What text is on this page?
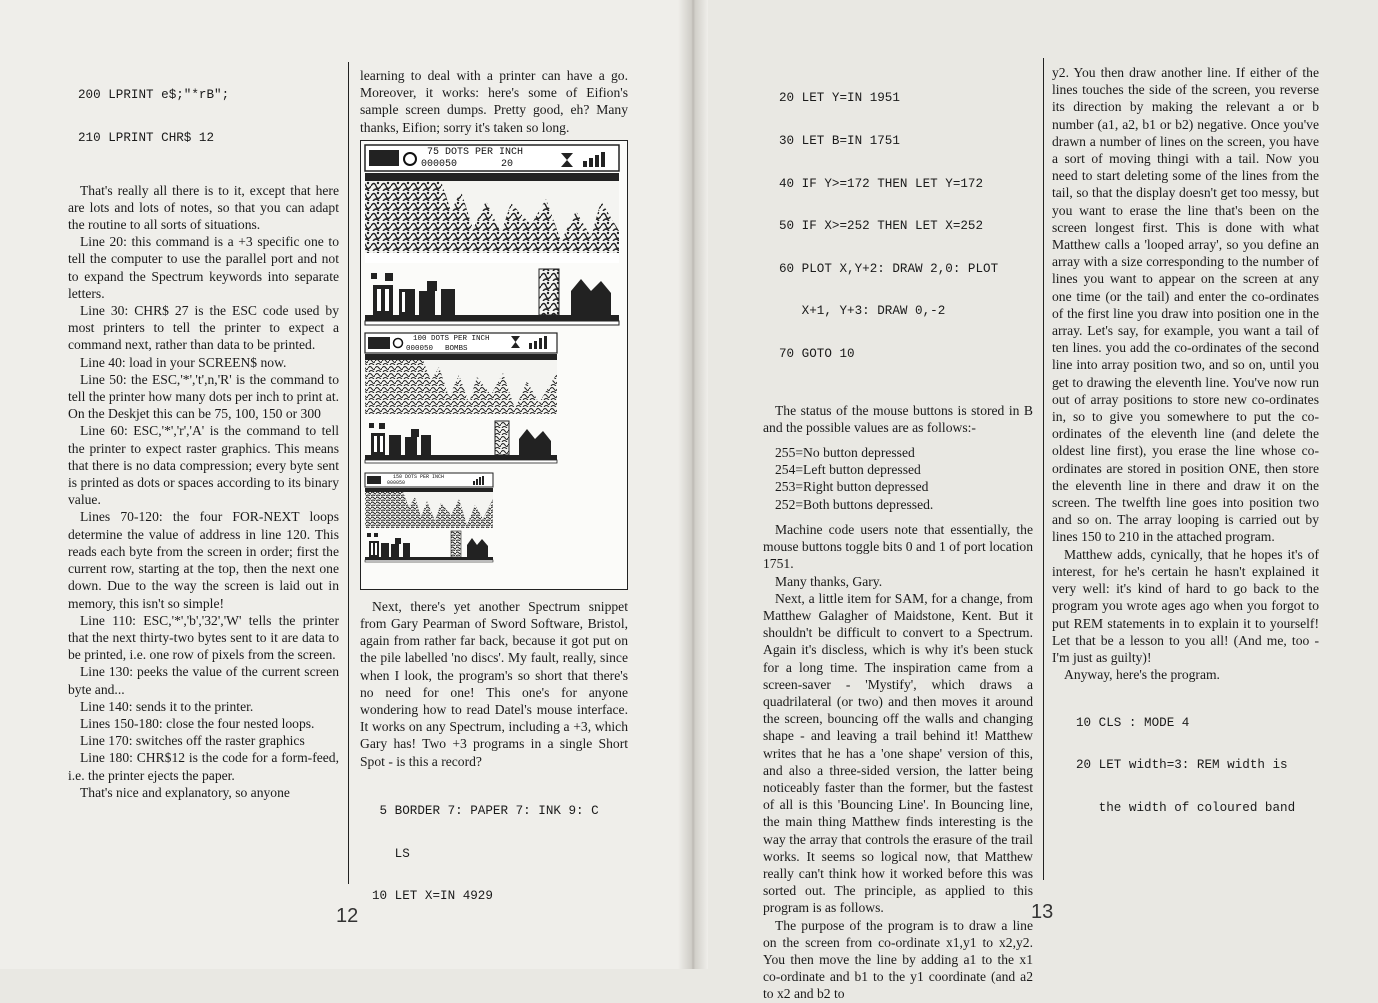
200 LPRINT e$;"*rB";

210 LPRINT CHR$ 12

That's really all there is to it, except that here are lots and lots of notes, so that you can adapt the routine to all sorts of situations.

Line 20: this command is a +3 specific one to tell the computer to use the parallel port and not to expand the Spectrum keywords into separate letters.

Line 30: CHR$ 27 is the ESC code used by most printers to tell the printer to expect a command next, rather than data to be printed.

Line 40: load in your SCREEN$ now.

Line 50: the ESC,'*','t',n,'R' is the command to tell the printer how many dots per inch to print at. On the Deskjet this can be 75, 100, 150 or 300

Line 60: ESC,'*','r','A' is the command to tell the printer to expect raster graphics. This means that there is no data compression; every byte sent is printed as dots or spaces according to its binary value.

Lines 70-120: the four FOR-NEXT loops determine the value of address in line 120. This reads each byte from the screen in order; first the current row, starting at the top, then the next one down. Due to the way the screen is laid out in memory, this isn't so simple!

Line 110: ESC,'*','b','32','W' tells the printer that the next thirty-two bytes sent to it are data to be printed, i.e. one row of pixels from the screen.

Line 130: peeks the value of the current screen byte and...

Line 140: sends it to the printer.

Lines 150-180: close the four nested loops.

Line 170: switches off the raster graphics

Line 180: CHR$12 is the code for a form-feed, i.e. the printer ejects the paper.

That's nice and explanatory, so anyone

learning to deal with a printer can have a go. Moreover, it works: here's some of Eifion's sample screen dumps. Pretty good, eh? Many thanks, Eifion; sorry it's taken so long.

75 DOTS PER INCH
000050	20
100 DOTS PER INCH
000050 BOMBS
150 DOTS PER INCH
000050

Next, there's yet another Spectrum snippet from Gary Pearman of Sword Software, Bristol, again from rather far back, because it got put on the pile labelled 'no discs'. My fault, really, since when I look, the program's so short that there's no need for one! This one's for anyone wondering how to read Datel's mouse interface. It works on any Spectrum, including a +3, which Gary has! Two +3 programs in a single Short Spot - is this a record?

5 BORDER 7: PAPER 7: INK 9: C

LS

10 LET X=IN 4929

12

20 LET Y=IN 1951

30 LET B=IN 1751

40 IF Y>=172 THEN LET Y=172

50 IF X>=252 THEN LET X=252

60 PLOT X,Y+2: DRAW 2,0: PLOT

X+1, Y+3: DRAW 0,-2

70 GOTO 10

The status of the mouse buttons is stored in B and the possible values are as follows:-

255=No button depressed

254=Left button depressed

253=Right button depressed

252=Both buttons depressed.

Machine code users note that essentially, the mouse buttons toggle bits 0 and 1 of port location 1751.

Many thanks, Gary.

Next, a little item for SAM, for a change, from Matthew Galagher of Maidstone, Kent. But it shouldn't be difficult to convert to a Spectrum. Again it's discless, which is why it's been stuck for a long time. The inspiration came from a screen-saver - 'Mystify', which draws a quadrilateral (or two) and then moves it around the screen, bouncing off the walls and changing shape - and leaving a trail behind it! Matthew writes that he has a 'one shape' version of this, and also a three-sided version, the latter being noticeably faster than the former, but the fastest of all is this 'Bouncing Line'. In Bouncing line, the main thing Matthew finds interesting is the way the array that controls the erasure of the trail works. It seems so logical now, that Matthew really can't think how it worked before this was sorted out. The principle, as applied to this program is as follows.

The purpose of the program is to draw a line on the screen from co-ordinate x1,y1 to x2,y2. You then move the line by adding a1 to the x1 co-ordinate and b1 to the y1 coordinate (and a2 to x2 and b2 to

y2. You then draw another line. If either of the lines touches the side of the screen, you reverse its direction by making the relevant a or b number (a1, a2, b1 or b2) negative. Once you've drawn a number of lines on the screen, you have a sort of moving thingi with a tail. Now you need to start deleting some of the lines from the tail, so that the display doesn't get too messy, but you want to erase the line that's been on the screen longest first. This is done with what Matthew calls a 'looped array', so you define an array with a size corresponding to the number of lines you want to appear on the screen at any one time (or the tail) and enter the co-ordinates of the first line you draw into position one in the array. Let's say, for example, you want a tail of ten lines. you add the co-ordinates of the second line into array position two, and so on, until you get to drawing the eleventh line. You've now run out of array positions to store new co-ordinates in, so to give you somewhere to put the co-ordinates of the eleventh line (and delete the oldest line first), you erase the line whose co-ordinates are stored in position ONE, then store the eleventh line in there and draw it on the screen. The twelfth line goes into position two and so on. The array looping is carried out by lines 150 to 210 in the attached program.

Matthew adds, cynically, that he hopes it's of interest, for he's certain he hasn't explained it very well: it's kind of hard to go back to the program you wrote ages ago when you forgot to put REM statements in to explain it to yourself! Let that be a lesson to you all! (And me, too - I'm just as guilty)!

Anyway, here's the program.

10 CLS : MODE 4

20 LET width=3: REM width is

the width of coloured band

13
